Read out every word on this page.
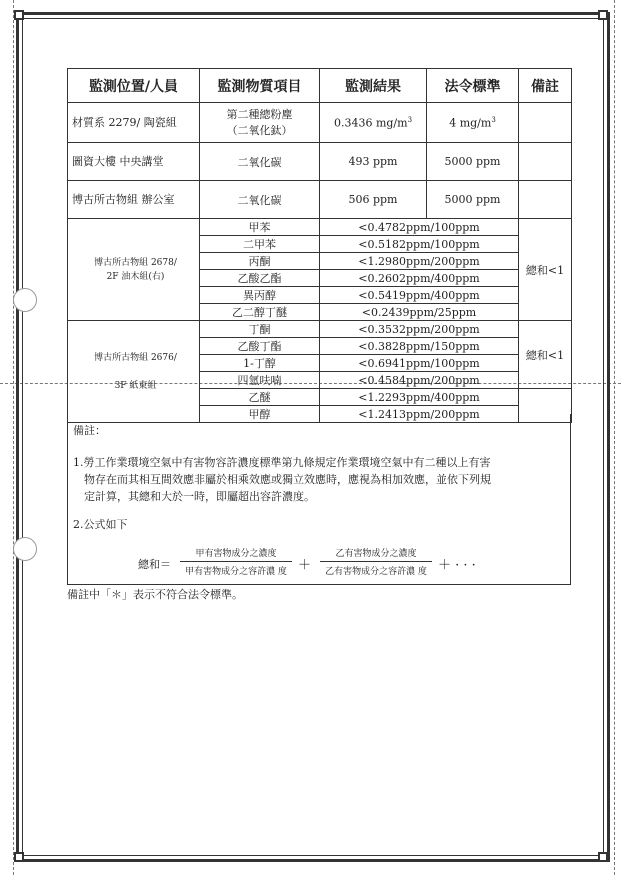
監測位置/人員	監測物質項目	監測結果	法令標準	備註
材質系 2279/ 陶瓷組	第二種總粉塵
（二氧化鈦）	0.3436 $mg/m^3$	4 $mg/m^3$	
圖資大樓 中央講堂	二氧化碳	493 ppm	5000 ppm	
博古所古物組 辦公室	二氧化碳	506 ppm	5000 ppm	
博古所古物組 2678/
2F 油木組(右)	甲苯	<0.4782ppm/100ppm		總和<1
	二甲苯	<0.5182ppm/100ppm		
	丙酮	<1.2980ppm/200ppm		
	乙酸乙酯	<0.2602ppm/400ppm		
	異丙醇	<0.5419ppm/400ppm		
	乙二醇丁醚	<0.2439ppm/25ppm		
博古所古物組 2676/

3F 紙東組	丁酮	<0.3532ppm/200ppm		總和<1
	乙酸丁酯	<0.3828ppm/150ppm		
	1-丁醇	<0.6941ppm/100ppm		
	四氫呋喃	<0.4584ppm/200ppm		
	乙醚	<1.2293ppm/400ppm		
	甲醇	<1.2413ppm/200ppm		
備註：
1.勞工作業環境空氣中有害物容許濃度標準第九條規定作業環境空氣中有二種以上有害
物存在而其相互間效應非屬於相乘效應或獨立效應時，應視為相加效應，並依下列規
定計算，其總和大於一時，即屬超出容許濃度。
2.公式如下
總和＝
甲有害物成分之濃度
甲有害物成分之容許濃 度 ＋
乙有害物成分之濃度
乙有害物成分之容許濃 度 ＋ · · ·
備註中「＊」表示不符合法令標準。
